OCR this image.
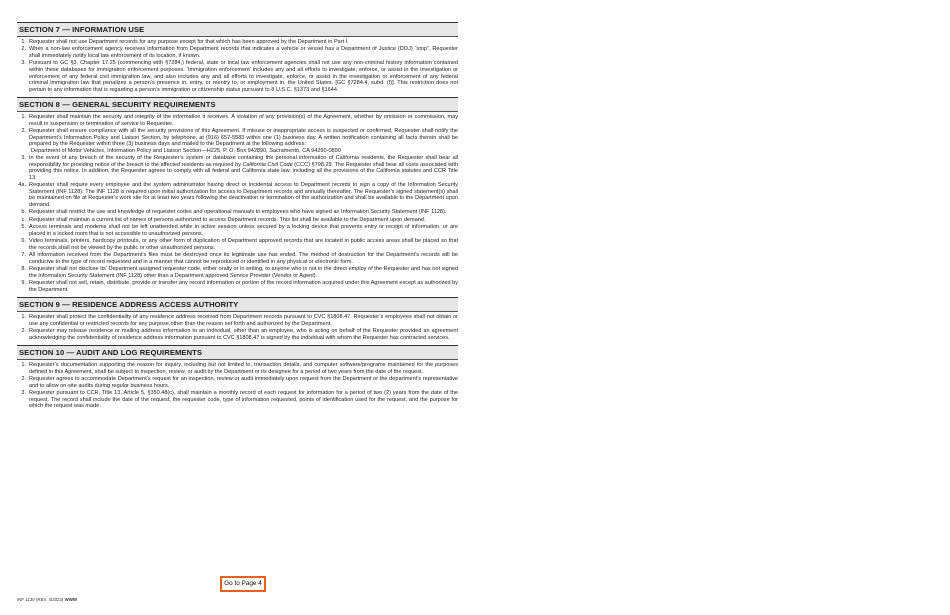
SECTION 7 — INFORMATION USE
1. Requester shall not use Department records for any purpose except for that which has been approved by the Department in Part I.
2. When a non-law enforcement agency receives information from Department records that indicates a vehicle or vessel has a Department of Justice (DOJ) “stop”, Requester shall immediately notify local law enforcement of its location, if known.
3. Pursuant to GC §3, Chapter 17.25 (commencing with §7284,) federal, state or local law enforcement agencies shall not use any non-criminal history information contained within these databases for immigration enforcement purposes. ‘Immigration enforcement’ includes any and all efforts to investigate, enforce, or assist in the investigation or enforcement of any federal civil immigration law, and also includes any and all efforts to investigate, enforce, or assist in the investigation or enforcement of any federal criminal immigration law that penalizes a person’s presence in, entry, or reentry to, or employment in, the United States. [GC §7284.4, subd. (f)]. This restriction does not pertain to any information that is regarding a person’s immigration or citizenship status pursuant to 8 U.S.C. §1373 and §1644.
SECTION 8 — GENERAL SECURITY REQUIREMENTS
1. Requester shall maintain the security and integrity of the information it receives. A violation of any provision(s) of the Agreement, whether by omission or commission, may result in suspension or termination of service to Requester.
2. Requester shall ensure compliance with all the security provisions of this Agreement. If misuse or inappropriate access is suspected or confirmed, Requester shall notify the Department’s Information Policy and Liaison Section, by telephone, at (916) 657-5583 within one (1) business day. A written notification containing all facts therein shall be prepared by the Requester within three (3) business days and mailed to the Department at the following address:
Department of Motor Vehicles, Information Policy and Liaison Section—H225, P. O. Box 942890, Sacramento, CA 94290-0890
3. In the event of any breach of the security of the Requester’s system or database containing the personal information of California residents, the Requester shall bear all responsibility for providing notice of the breach to the affected residents as required by California Civil Code (CCC) §798.29. The Requester shall bear all costs associated with providing this notice. In addition, the Requester agrees to comply with all federal and California state law, including all the provisions of the California statutes and CCR Title 13.
4a. Requester shall require every employee and the system administrator having direct or incidental access to Department records to sign a copy of the Information Security Statement (INF 1128). The INF 1128 is required upon initial authorization for access to Department records and annually thereafter. The Requester’s signed statement(s) shall be maintained on file at Requester’s work site for at least two years following the deactivation or termination of the authorization and shall be available to the Department upon demand.
b. Requester shall restrict the use and knowledge of requester codes and operational manuals to employees who have signed an Information Security Statement (INF 1128).
c. Requester shall maintain a current list of names of persons authorized to access Department records. This list shall be available to the Department upon demand.
5. Access terminals and modems shall not be left unattended while in active session unless secured by a locking device that prevents entry or receipt of information, or are placed in a locked room that is not accessible to unauthorized persons.
6. Video terminals, printers, hardcopy printouts, or any other form of duplication of Department approved records that are located in public access areas shall be placed so that the records shall not be viewed by the public or other unauthorized persons.
7. All information received from the Department’s files must be destroyed once its legitimate use has ended. The method of destruction for the Department’s records will be conducive to the type of record requested and in a manner that cannot be reproduced or identified in any physical or electronic form.
8. Requester shall not disclose its’ Department assigned requester code, either orally or in writing, to anyone who is not in the direct employ of the Requester and has not signed the Information Security Statement (INF 1128) other than a Department approved Service Provider (Vendor or Agent).
9. Requester shall not sell, retain, distribute, provide or transfer any record information or portion of the record information acquired under this Agreement except as authorized by the Department.
SECTION 9 — RESIDENCE ADDRESS ACCESS AUTHORITY
1. Requester shall protect the confidentiality of any residence address received from Department records pursuant to CVC §1808.47. Requester’s employees shall not obtain or use any confidential or restricted records for any purpose other than the reason set forth and authorized by the Department.
2. Requester may release residence or mailing address information to an individual, other than an employee, who is acting on behalf of the Requester provided an agreement acknowledging the confidentiality of residence address information pursuant to CVC §1808.47 is signed by the individual with whom the Requester has contracted services.
SECTION 10 — AUDIT AND LOG REQUIREMENTS
1. Requester’s documentation supporting the reason for inquiry, including but not limited to, transaction details, and computer software/programs maintained for the purposes defined in this Agreement, shall be subject to inspection, review, or audit by the Department or its designee for a period of two years from the date of the request.
2. Requester agrees to accommodate Department’s request for an inspection, review or audit immediately upon request from the Department or the department’s representative and to allow on-site audits during regular business hours.
3. Requester pursuant to CCR, Title 13, Article 5, §350.48(c), shall maintain a monthly record of each request for information for a period of two (2) years from the date of the request. The record shall include the date of the request, the requester code, type of information requested, points of identification used for the request, and the purpose for which the request was made.
Go to Page 4
INF 1130 (REV. 4/2023) WWW
